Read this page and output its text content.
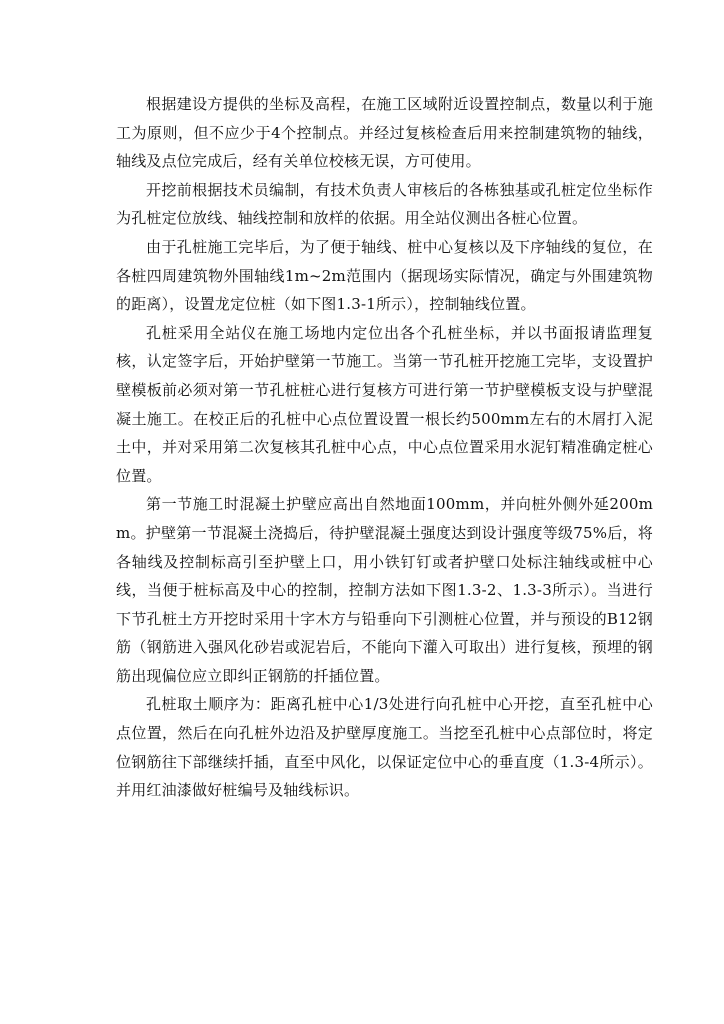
根据建设方提供的坐标及高程，在施工区域附近设置控制点，数量以利于施工为原则，但不应少于4个控制点。并经过复核检查后用来控制建筑物的轴线，轴线及点位完成后，经有关单位校核无误，方可使用。

开挖前根据技术员编制，有技术负责人审核后的各栋独基或孔桩定位坐标作为孔桩定位放线、轴线控制和放样的依据。用全站仪测出各桩心位置。

由于孔桩施工完毕后，为了便于轴线、桩中心复核以及下序轴线的复位，在各桩四周建筑物外围轴线1m~2m范围内（据现场实际情况，确定与外围建筑物的距离），设置龙定位桩（如下图1.3-1所示），控制轴线位置。

孔桩采用全站仪在施工场地内定位出各个孔桩坐标，并以书面报请监理复核，认定签字后，开始护壁第一节施工。当第一节孔桩开挖施工完毕，支设置护壁模板前必须对第一节孔桩桩心进行复核方可进行第一节护壁模板支设与护壁混凝土施工。在校正后的孔桩中心点位置设置一根长约500mm左右的木屑打入泥土中，并对采用第二次复核其孔桩中心点，中心点位置采用水泥钉精准确定桩心位置。

第一节施工时混凝土护壁应高出自然地面100mm，并向桩外侧外延200mm。护壁第一节混凝土浇捣后，待护壁混凝土强度达到设计强度等级75%后，将各轴线及控制标高引至护壁上口，用小铁钉钉或者护壁口处标注轴线或桩中心线，当便于桩标高及中心的控制，控制方法如下图1.3-2、1.3-3所示）。当进行下节孔桩土方开挖时采用十字木方与铅垂向下引测桩心位置，并与预设的B12钢筋（钢筋进入强风化砂岩或泥岩后，不能向下灌入可取出）进行复核，预埋的钢筋出现偏位应立即纠正钢筋的扦插位置。

孔桩取土顺序为：距离孔桩中心1/3处进行向孔桩中心开挖，直至孔桩中心点位置，然后在向孔桩外边沿及护壁厚度施工。当挖至孔桩中心点部位时，将定位钢筋往下部继续扦插，直至中风化，以保证定位中心的垂直度（1.3-4所示）。并用红油漆做好桩编号及轴线标识。
